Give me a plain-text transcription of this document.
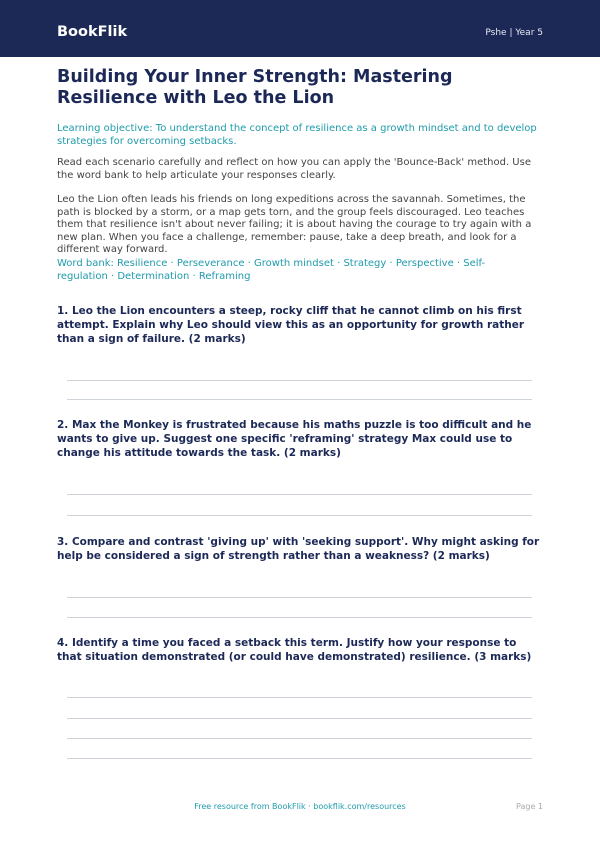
BookFlik	Pshe | Year 5
Building Your Inner Strength: Mastering Resilience with Leo the Lion
Learning objective: To understand the concept of resilience as a growth mindset and to develop strategies for overcoming setbacks.
Read each scenario carefully and reflect on how you can apply the 'Bounce-Back' method. Use the word bank to help articulate your responses clearly.
Leo the Lion often leads his friends on long expeditions across the savannah. Sometimes, the path is blocked by a storm, or a map gets torn, and the group feels discouraged. Leo teaches them that resilience isn't about never failing; it is about having the courage to try again with a new plan. When you face a challenge, remember: pause, take a deep breath, and look for a different way forward.
Word bank: Resilience · Perseverance · Growth mindset · Strategy · Perspective · Self-regulation · Determination · Reframing
1. Leo the Lion encounters a steep, rocky cliff that he cannot climb on his first attempt. Explain why Leo should view this as an opportunity for growth rather than a sign of failure. (2 marks)
2. Max the Monkey is frustrated because his maths puzzle is too difficult and he wants to give up. Suggest one specific 'reframing' strategy Max could use to change his attitude towards the task. (2 marks)
3. Compare and contrast 'giving up' with 'seeking support'. Why might asking for help be considered a sign of strength rather than a weakness? (2 marks)
4. Identify a time you faced a setback this term. Justify how your response to that situation demonstrated (or could have demonstrated) resilience. (3 marks)
Free resource from BookFlik · bookflik.com/resources	Page 1
